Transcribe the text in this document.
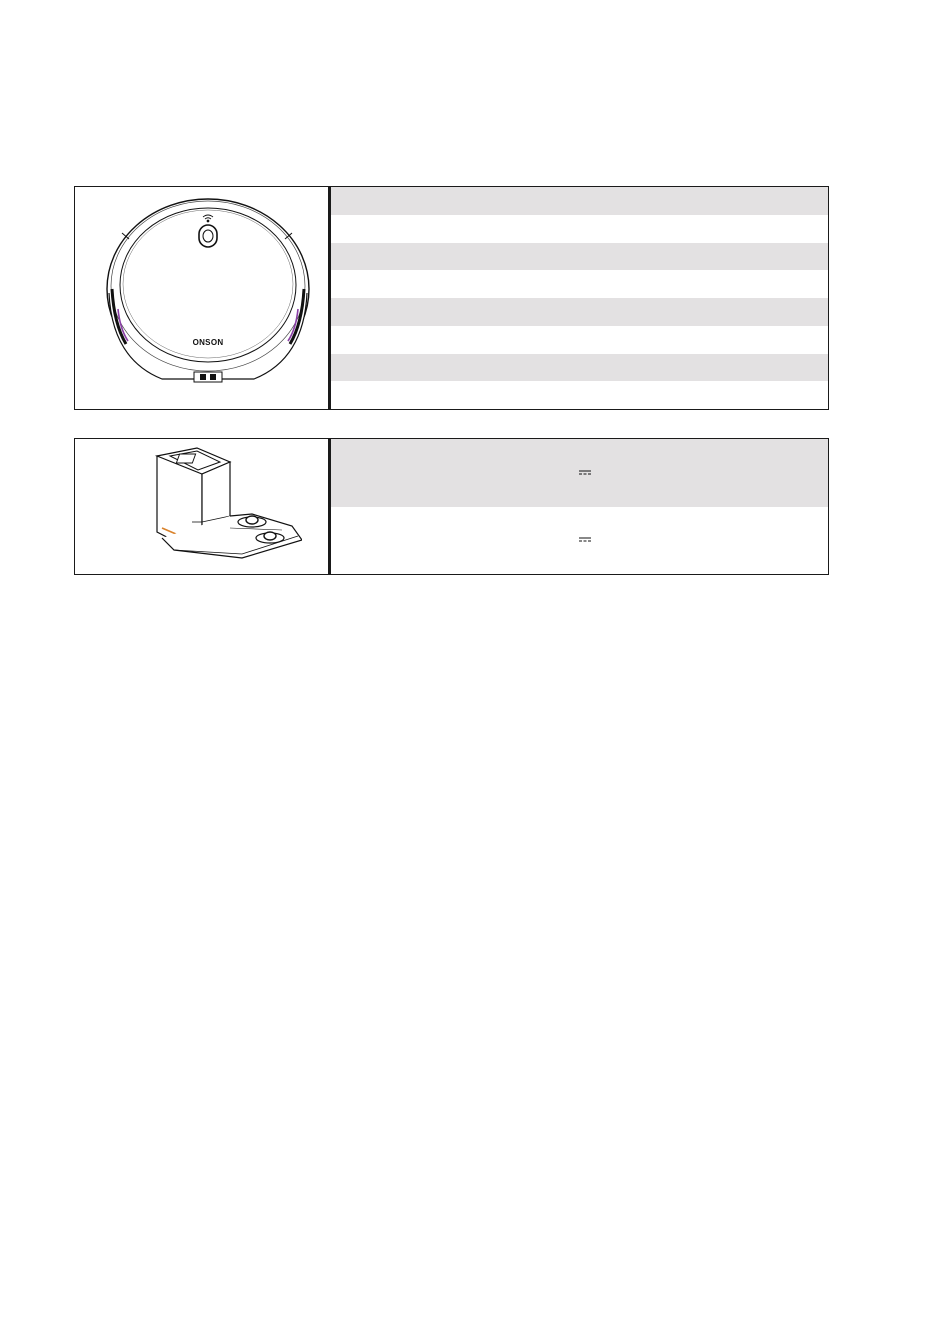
ONSON
